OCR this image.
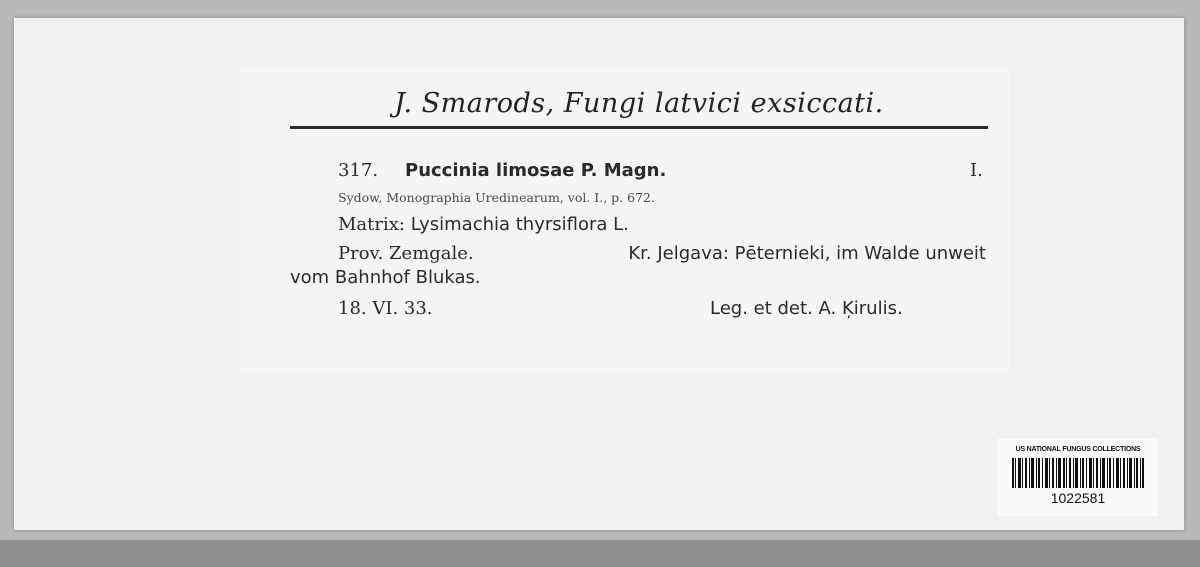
J. Smarods, Fungi latvici exsiccati.
317. Puccinia limosae P. Magn.	I.
Sydow, Monographia Uredinearum, vol. I., p. 672.
Matrix: Lysimachia thyrsiflora L.
Prov. Zemgale.	Kr. Jelgava: Pēternieki, im Walde unweit
vom Bahnhof Blukas.
18. VI. 33.	Leg. et det. A. Ķirulis.
US NATIONAL FUNGUS COLLECTIONS
1022581
